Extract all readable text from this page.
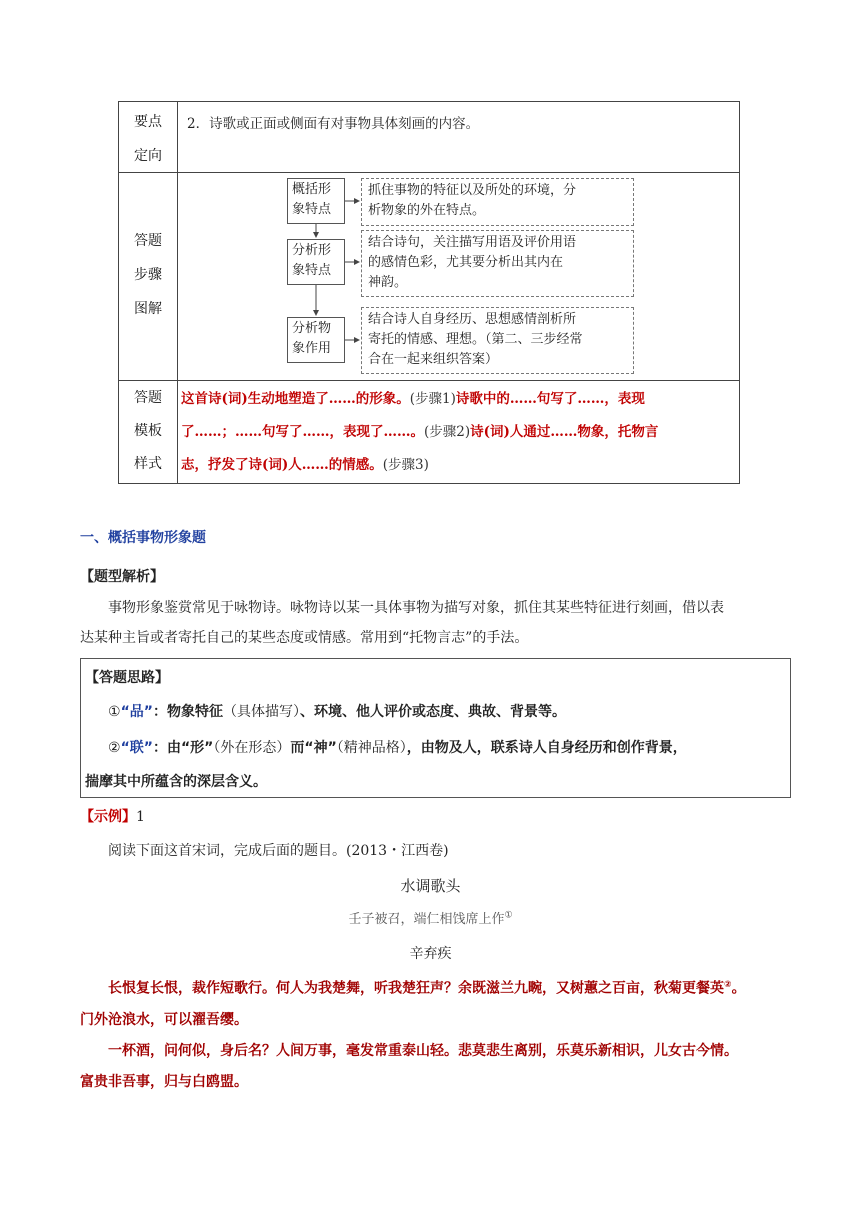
要点
定向
2．诗歌或正面或侧面有对事物具体刻画的内容。
答题
步骤
图解
概括形
象特点
抓住事物的特征以及所处的环境，分
析物象的外在特点。
分析形
象特点
结合诗句，关注描写用语及评价用语
的感情色彩，尤其要分析出其内在
神韵。
分析物
象作用
结合诗人自身经历、思想感情剖析所
寄托的情感、理想。（第二、三步经常
合在一起来组织答案）
答题
模板
样式
这首诗(词)生动地塑造了……的形象。(步骤1)诗歌中的……句写了……，表现
了……；……句写了……，表现了……。(步骤2)诗(词)人通过……物象，托物言
志，抒发了诗(词)人……的情感。(步骤3)
一、概括事物形象题
【题型解析】
事物形象鉴赏常见于咏物诗。咏物诗以某一具体事物为描写对象，抓住其某些特征进行刻画，借以表
达某种主旨或者寄托自己的某些态度或情感。常用到“托物言志”的手法。
【答题思路】
①“品”：物象特征（具体描写）、环境、他人评价或态度、典故、背景等。
②“联”：由“形”（外在形态）而“神”（精神品格），由物及人，联系诗人自身经历和创作背景，
揣摩其中所蕴含的深层含义。
【示例】1
阅读下面这首宋词，完成后面的题目。(2013・江西卷)
水调歌头
壬子被召，端仁相饯席上作①
辛弃疾
长恨复长恨，裁作短歌行。何人为我楚舞，听我楚狂声？余既滋兰九畹，又树蕙之百亩，秋菊更餐英②。
门外沧浪水，可以濯吾缨。
一杯酒，问何似，身后名？人间万事，毫发常重泰山轻。悲莫悲生离别，乐莫乐新相识，儿女古今情。
富贵非吾事，归与白鸥盟。
